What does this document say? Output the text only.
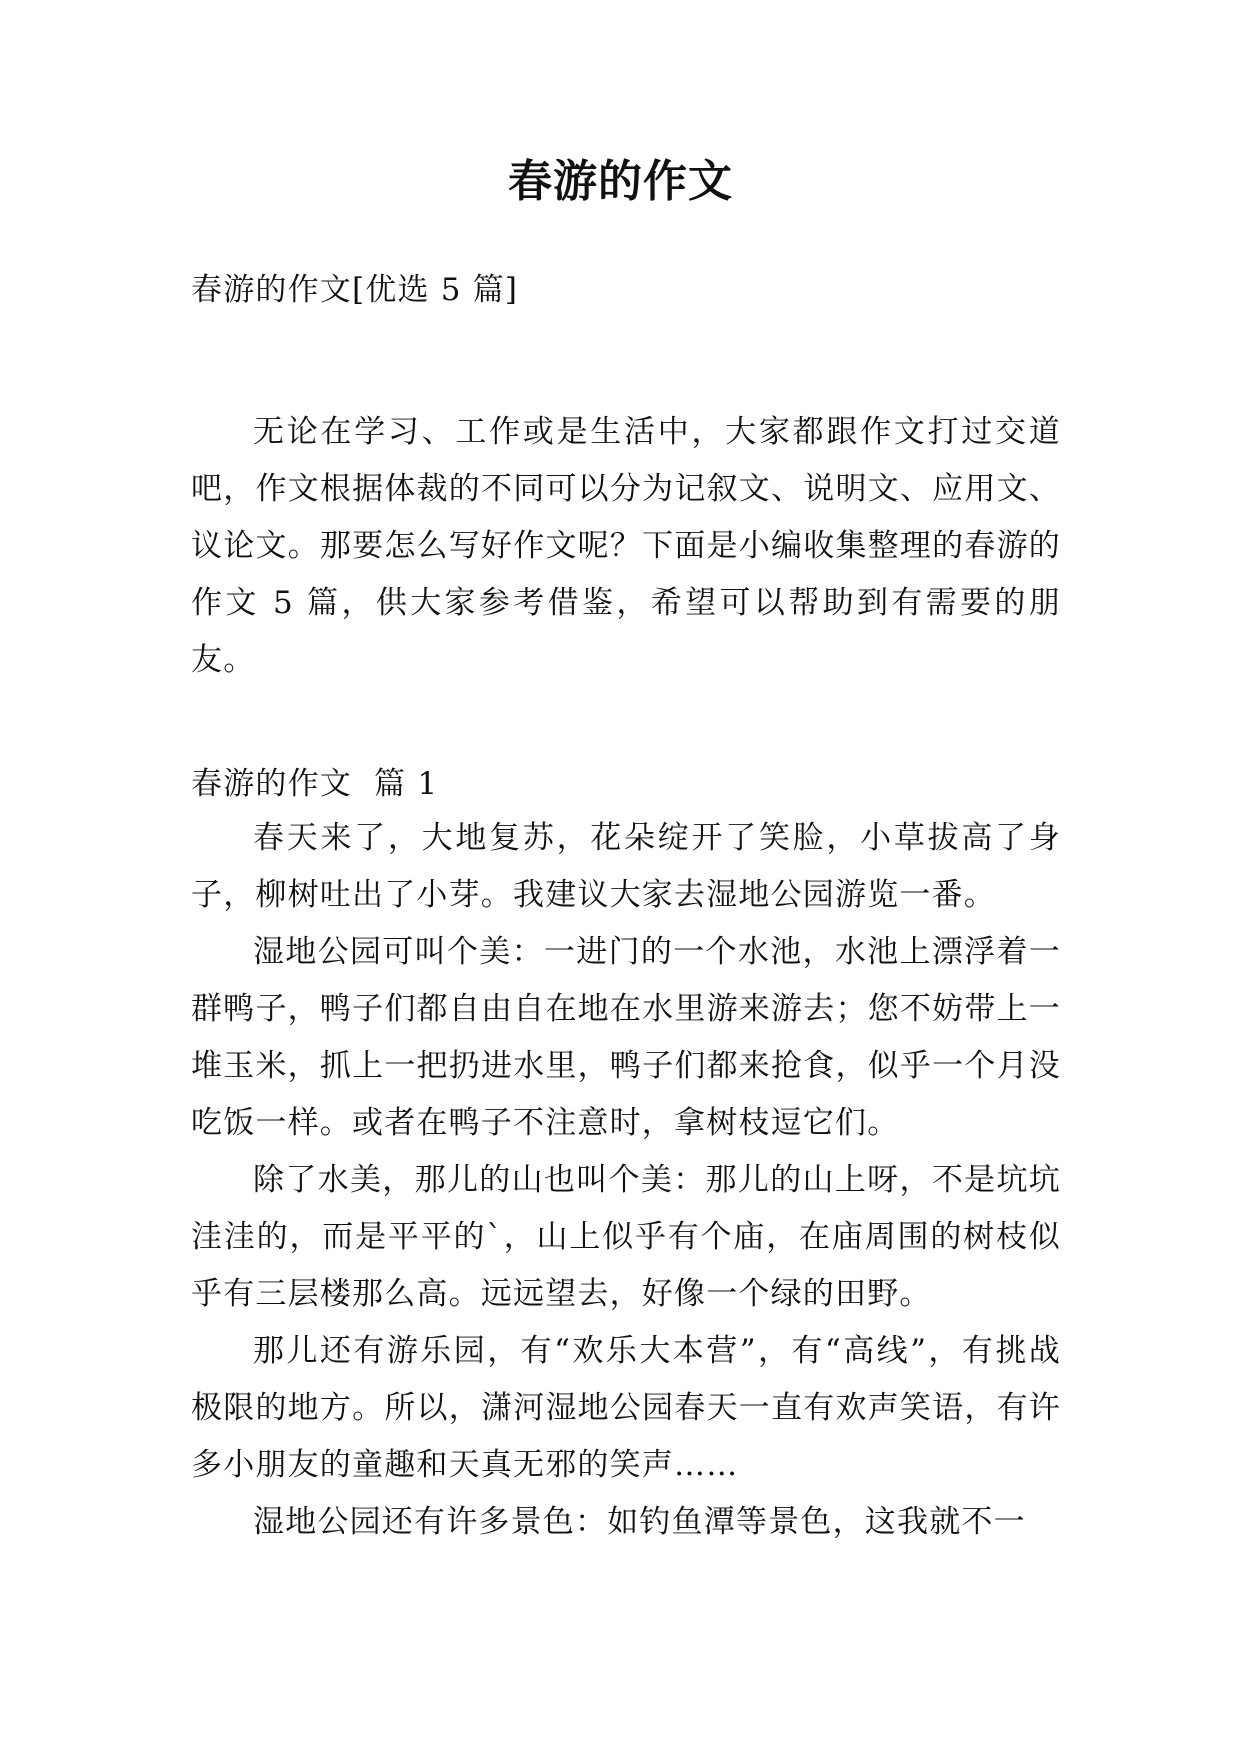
春游的作文
春游的作文[优选 5 篇]

无论在学习、工作或是生活中，大家都跟作文打过交道吧，作文根据体裁的不同可以分为记叙文、说明文、应用文、议论文。那要怎么写好作文呢？下面是小编收集整理的春游的作文 5 篇，供大家参考借鉴，希望可以帮助到有需要的朋友。

春游的作文  篇 1

春天来了，大地复苏，花朵绽开了笑脸，小草拔高了身子，柳树吐出了小芽。我建议大家去湿地公园游览一番。

湿地公园可叫个美：一进门的一个水池，水池上漂浮着一群鸭子，鸭子们都自由自在地在水里游来游去；您不妨带上一堆玉米，抓上一把扔进水里，鸭子们都来抢食，似乎一个月没吃饭一样。或者在鸭子不注意时，拿树枝逗它们。

除了水美，那儿的山也叫个美：那儿的山上呀，不是坑坑洼洼的，而是平平的`，山上似乎有个庙，在庙周围的树枝似乎有三层楼那么高。远远望去，好像一个绿的田野。

那儿还有游乐园，有“欢乐大本营”，有“高线”，有挑战极限的地方。所以，潇河湿地公园春天一直有欢声笑语，有许多小朋友的童趣和天真无邪的笑声……

湿地公园还有许多景色：如钓鱼潭等景色，这我就不一
